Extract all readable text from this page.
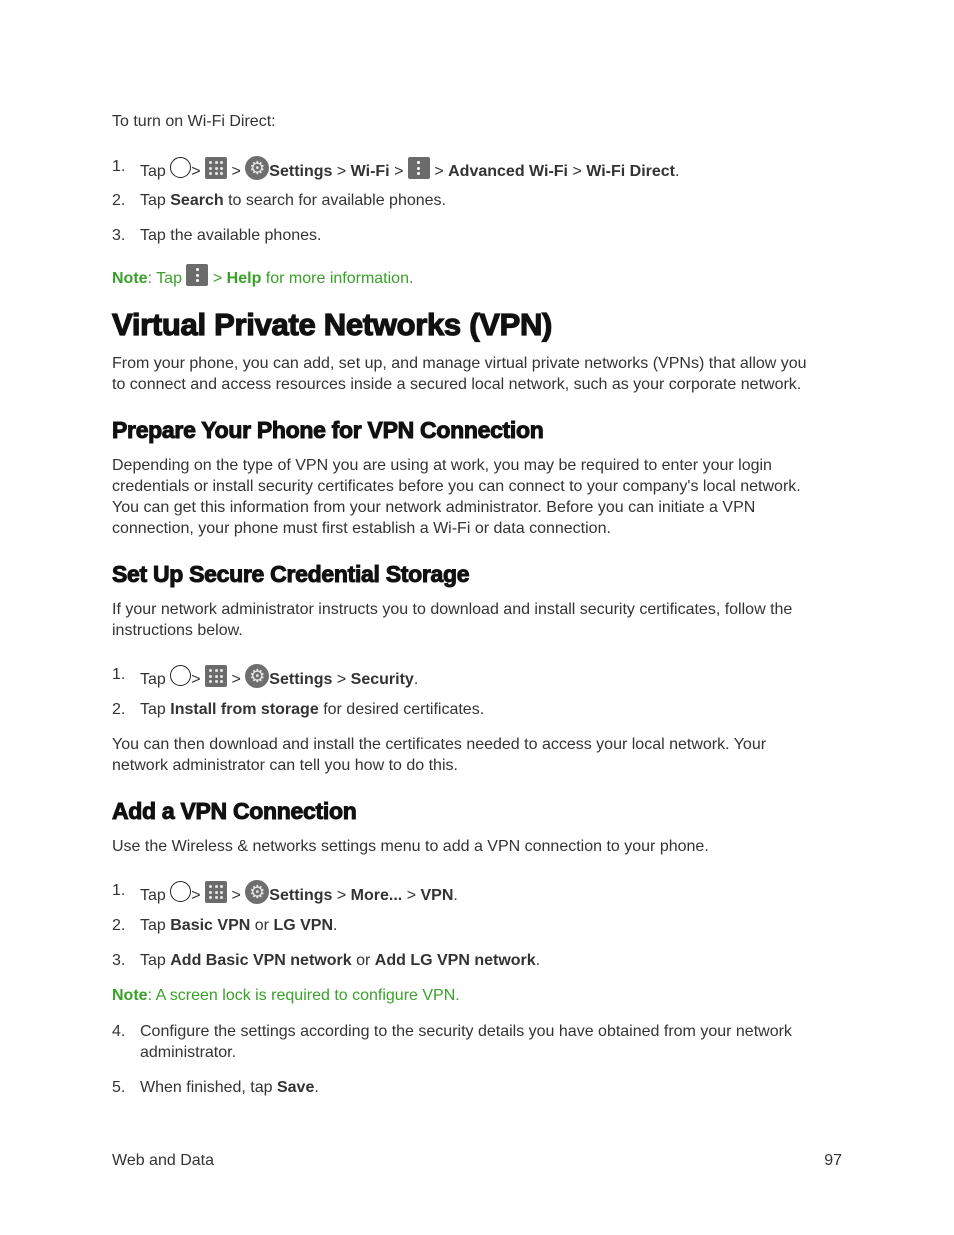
To turn on Wi-Fi Direct:
1. Tap > > ⚙ Settings > Wi-Fi > > Advanced Wi-Fi > Wi-Fi Direct.
2. Tap Search to search for available phones.
3. Tap the available phones.
Note: Tap > Help for more information.
Virtual Private Networks (VPN)
From your phone, you can add, set up, and manage virtual private networks (VPNs) that allow you
to connect and access resources inside a secured local network, such as your corporate network.
Prepare Your Phone for VPN Connection
Depending on the type of VPN you are using at work, you may be required to enter your login
credentials or install security certificates before you can connect to your company's local network.
You can get this information from your network administrator. Before you can initiate a VPN
connection, your phone must first establish a Wi-Fi or data connection.
Set Up Secure Credential Storage
If your network administrator instructs you to download and install security certificates, follow the
instructions below.
1. Tap > > ⚙ Settings > Security.
2. Tap Install from storage for desired certificates.
You can then download and install the certificates needed to access your local network. Your
network administrator can tell you how to do this.
Add a VPN Connection
Use the Wireless & networks settings menu to add a VPN connection to your phone.
1. Tap > > ⚙ Settings > More... > VPN.
2. Tap Basic VPN or LG VPN.
3. Tap Add Basic VPN network or Add LG VPN network.
Note: A screen lock is required to configure VPN.
4. Configure the settings according to the security details you have obtained from your network
administrator.
5. When finished, tap Save.
Web and Data	97
